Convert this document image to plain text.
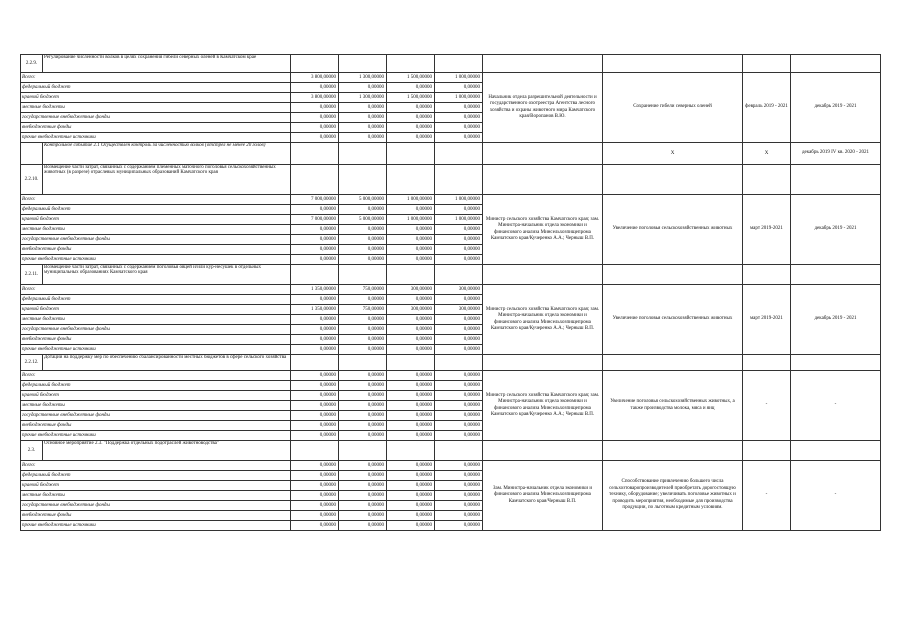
2.2.9.	Регулирование численности волков в целях сохранения гибели северных оленей в Камчатском крае								
Всего:		3 800,00000	1 300,00000	1 500,00000	1 000,00000	Начальник отдела разрешительной деятельности и государственного охотреестра Агентства лесного хозяйства и охраны животного мира Камчатского края/Воропанов В.Ю.	Сохранение гибели северных оленей	февраль 2019 - 2021	декабрь 2019 - 2021
федеральный бюджет		0,00000	0,00000	0,00000	0,00000				
краевой бюджет		3 800,00000	1 300,00000	1 500,00000	1 000,00000				
местные бюджеты		0,00000	0,00000	0,00000	0,00000				
государственные внебюджетные фонды		0,00000	0,00000	0,00000	0,00000				
внебюджетные фонды		0,00000	0,00000	0,00000	0,00000				
прочие внебюджетные источники		0,00000	0,00000	0,00000	0,00000				
	Контрольное событие 2.1 Осуществлен контроль за численностью волков (отстрел не менее 20 голов)						X	X	декабрь 2019 IV кв. 2020 - 2021
2.2.10.	Возмещение части затрат, связанных с содержанием племенных маточного поголовья сельскохозяйственных животных (в разрезе) отраслевых муниципальных образований Камчатского края								
Всего:		7 000,00000	5 000,00000	1 000,00000	1 000,00000	Министр сельского хозяйства Камчатского края; зам. Министра-начальник отдела экономики и финансового анализа Минсельхозпищепрома Камчатского края/Кучеренко А.А.; Черныш В.П.	Увеличение поголовья сельскохозяйственных животных	март 2019-2021	декабрь 2019 - 2021
федеральный бюджет		0,00000	0,00000	0,00000	0,00000				
краевой бюджет		7 000,00000	5 000,00000	1 000,00000	1 000,00000				
местные бюджеты		0,00000	0,00000	0,00000	0,00000				
государственные внебюджетные фонды		0,00000	0,00000	0,00000	0,00000				
внебюджетные фонды		0,00000	0,00000	0,00000	0,00000				
прочие внебюджетные источники		0,00000	0,00000	0,00000	0,00000				
2.2.11.	Возмещение части затрат, связанных с содержанием поголовья овцей и/или кур-несушек в отдельных муниципальных образованиях Камчатского края								
Всего:		1 350,00000	750,00000	300,00000	300,00000	Министр сельского хозяйства Камчатского края; зам. Министра-начальник отдела экономики и финансового анализа Минсельхозпищепрома Камчатского края/Кучеренко А.А.; Черныш В.П.	Увеличение поголовья сельскохозяйственных животных	март 2019-2021	декабрь 2019 - 2021
федеральный бюджет		0,00000	0,00000	0,00000	0,00000				
краевой бюджет		1 350,00000	750,00000	300,00000	300,00000				
местные бюджеты		0,00000	0,00000	0,00000	0,00000				
государственные внебюджетные фонды		0,00000	0,00000	0,00000	0,00000				
внебюджетные фонды		0,00000	0,00000	0,00000	0,00000				
прочие внебюджетные источники		0,00000	0,00000	0,00000	0,00000				
2.2.12.	Дотации на поддержку мер по обеспечению сбалансированности местных бюджетов в сфере сельского хозяйства								
Всего:		0,00000	0,00000	0,00000	0,00000	Министр сельского хозяйства Камчатского края; зам. Министра-начальник отдела экономики и финансового анализа Минсельхозпищепрома Камчатского края/Кучеренко А.А.; Черныш В.П.	Увеличение поголовья сельскохозяйственных животных, а также производства молока, мяса и яиц	-	-
федеральный бюджет		0,00000	0,00000	0,00000	0,00000				
краевой бюджет		0,00000	0,00000	0,00000	0,00000				
местные бюджеты		0,00000	0,00000	0,00000	0,00000				
государственные внебюджетные фонды		0,00000	0,00000	0,00000	0,00000				
внебюджетные фонды		0,00000	0,00000	0,00000	0,00000				
прочие внебюджетные источники		0,00000	0,00000	0,00000	0,00000				
2.3.	Основное мероприятие 2.3. "Поддержка отдельных подотраслей животноводства"								
Всего:		0,00000	0,00000	0,00000	0,00000	Зам. Министра-начальник отдела экономики и финансового анализа Минсельхозпищепрома Камчатского края/Черныш В.П.	Способствование привлечению большего числа сельхозтоваропроизводителей приобретать дорогостоящую технику, оборудование; увеличивать поголовье животных и проводить мероприятия, необходимые для производства продукции, по льготным кредитным условиям.	-	-
федеральный бюджет		0,00000	0,00000	0,00000	0,00000				
краевой бюджет		0,00000	0,00000	0,00000	0,00000				
местные бюджеты		0,00000	0,00000	0,00000	0,00000				
государственные внебюджетные фонды		0,00000	0,00000	0,00000	0,00000				
внебюджетные фонды		0,00000	0,00000	0,00000	0,00000				
прочие внебюджетные источники		0,00000	0,00000	0,00000	0,00000				
